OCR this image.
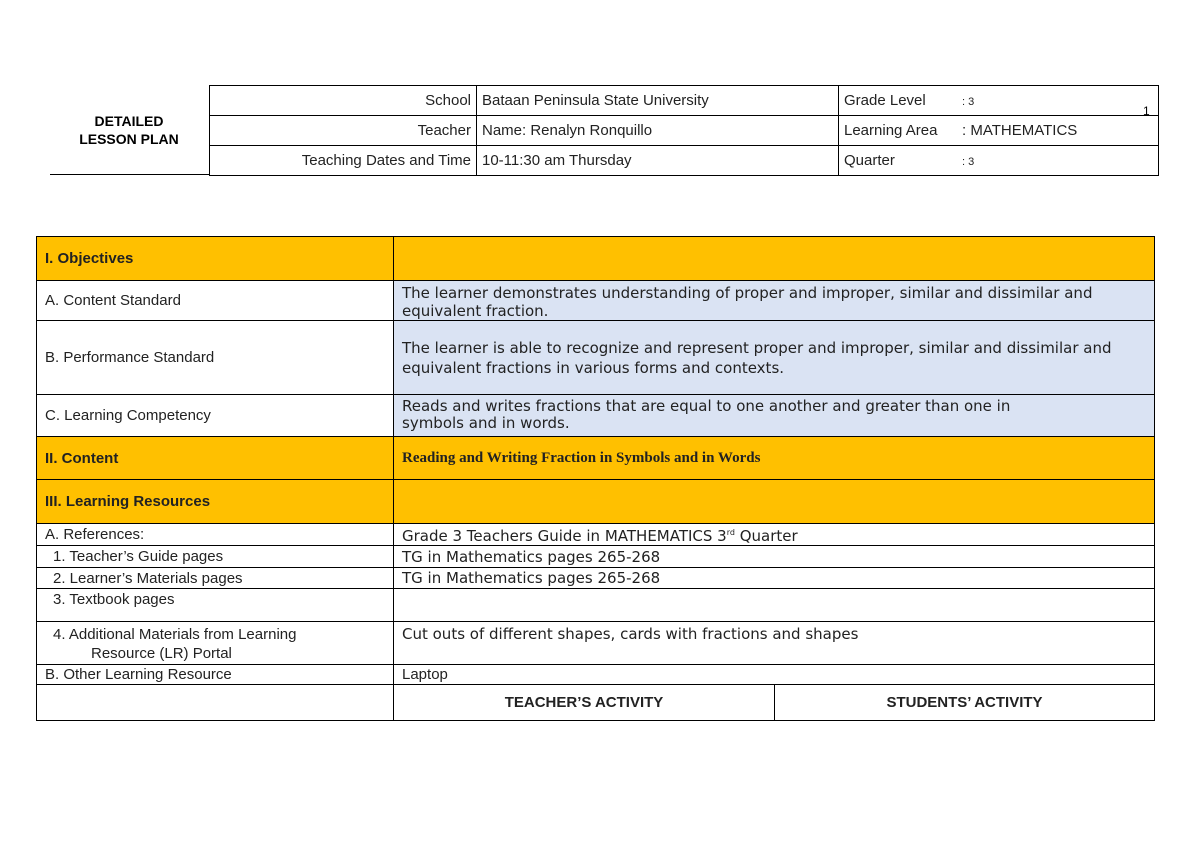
1
DETAILED
LESSON PLAN
School	Bataan Peninsula State University	Grade Level : 3
Teacher	Name: Renalyn Ronquillo	Learning Area : MATHEMATICS
Teaching Dates and Time	10-11:30 am Thursday	Quarter : 3
I. Objectives		
A. Content Standard	The learner demonstrates understanding of proper and improper, similar and dissimilar and equivalent fraction.	
B. Performance Standard	The learner is able to recognize and represent proper and improper, similar and dissimilar and equivalent fractions in various forms and contexts.	
C. Learning Competency	Reads and writes fractions that are equal to one another and greater than one in
symbols and in words.	

II. Content	Reading and Writing Fraction in Symbols and in Words	
III. Learning Resources		
A. References:	Grade 3 Teachers Guide in MATHEMATICS 3rd Quarter	
1. Teacher’s Guide pages	TG in Mathematics pages 265-268	
2. Learner’s Materials pages	TG in Mathematics pages 265-268	
3. Textbook pages		

4. Additional Materials from Learning
Resource (LR) Portal	Cut outs of different shapes, cards with fractions and shapes	
B. Other Learning Resource	Laptop	
	TEACHER’S ACTIVITY	STUDENTS’ ACTIVITY
